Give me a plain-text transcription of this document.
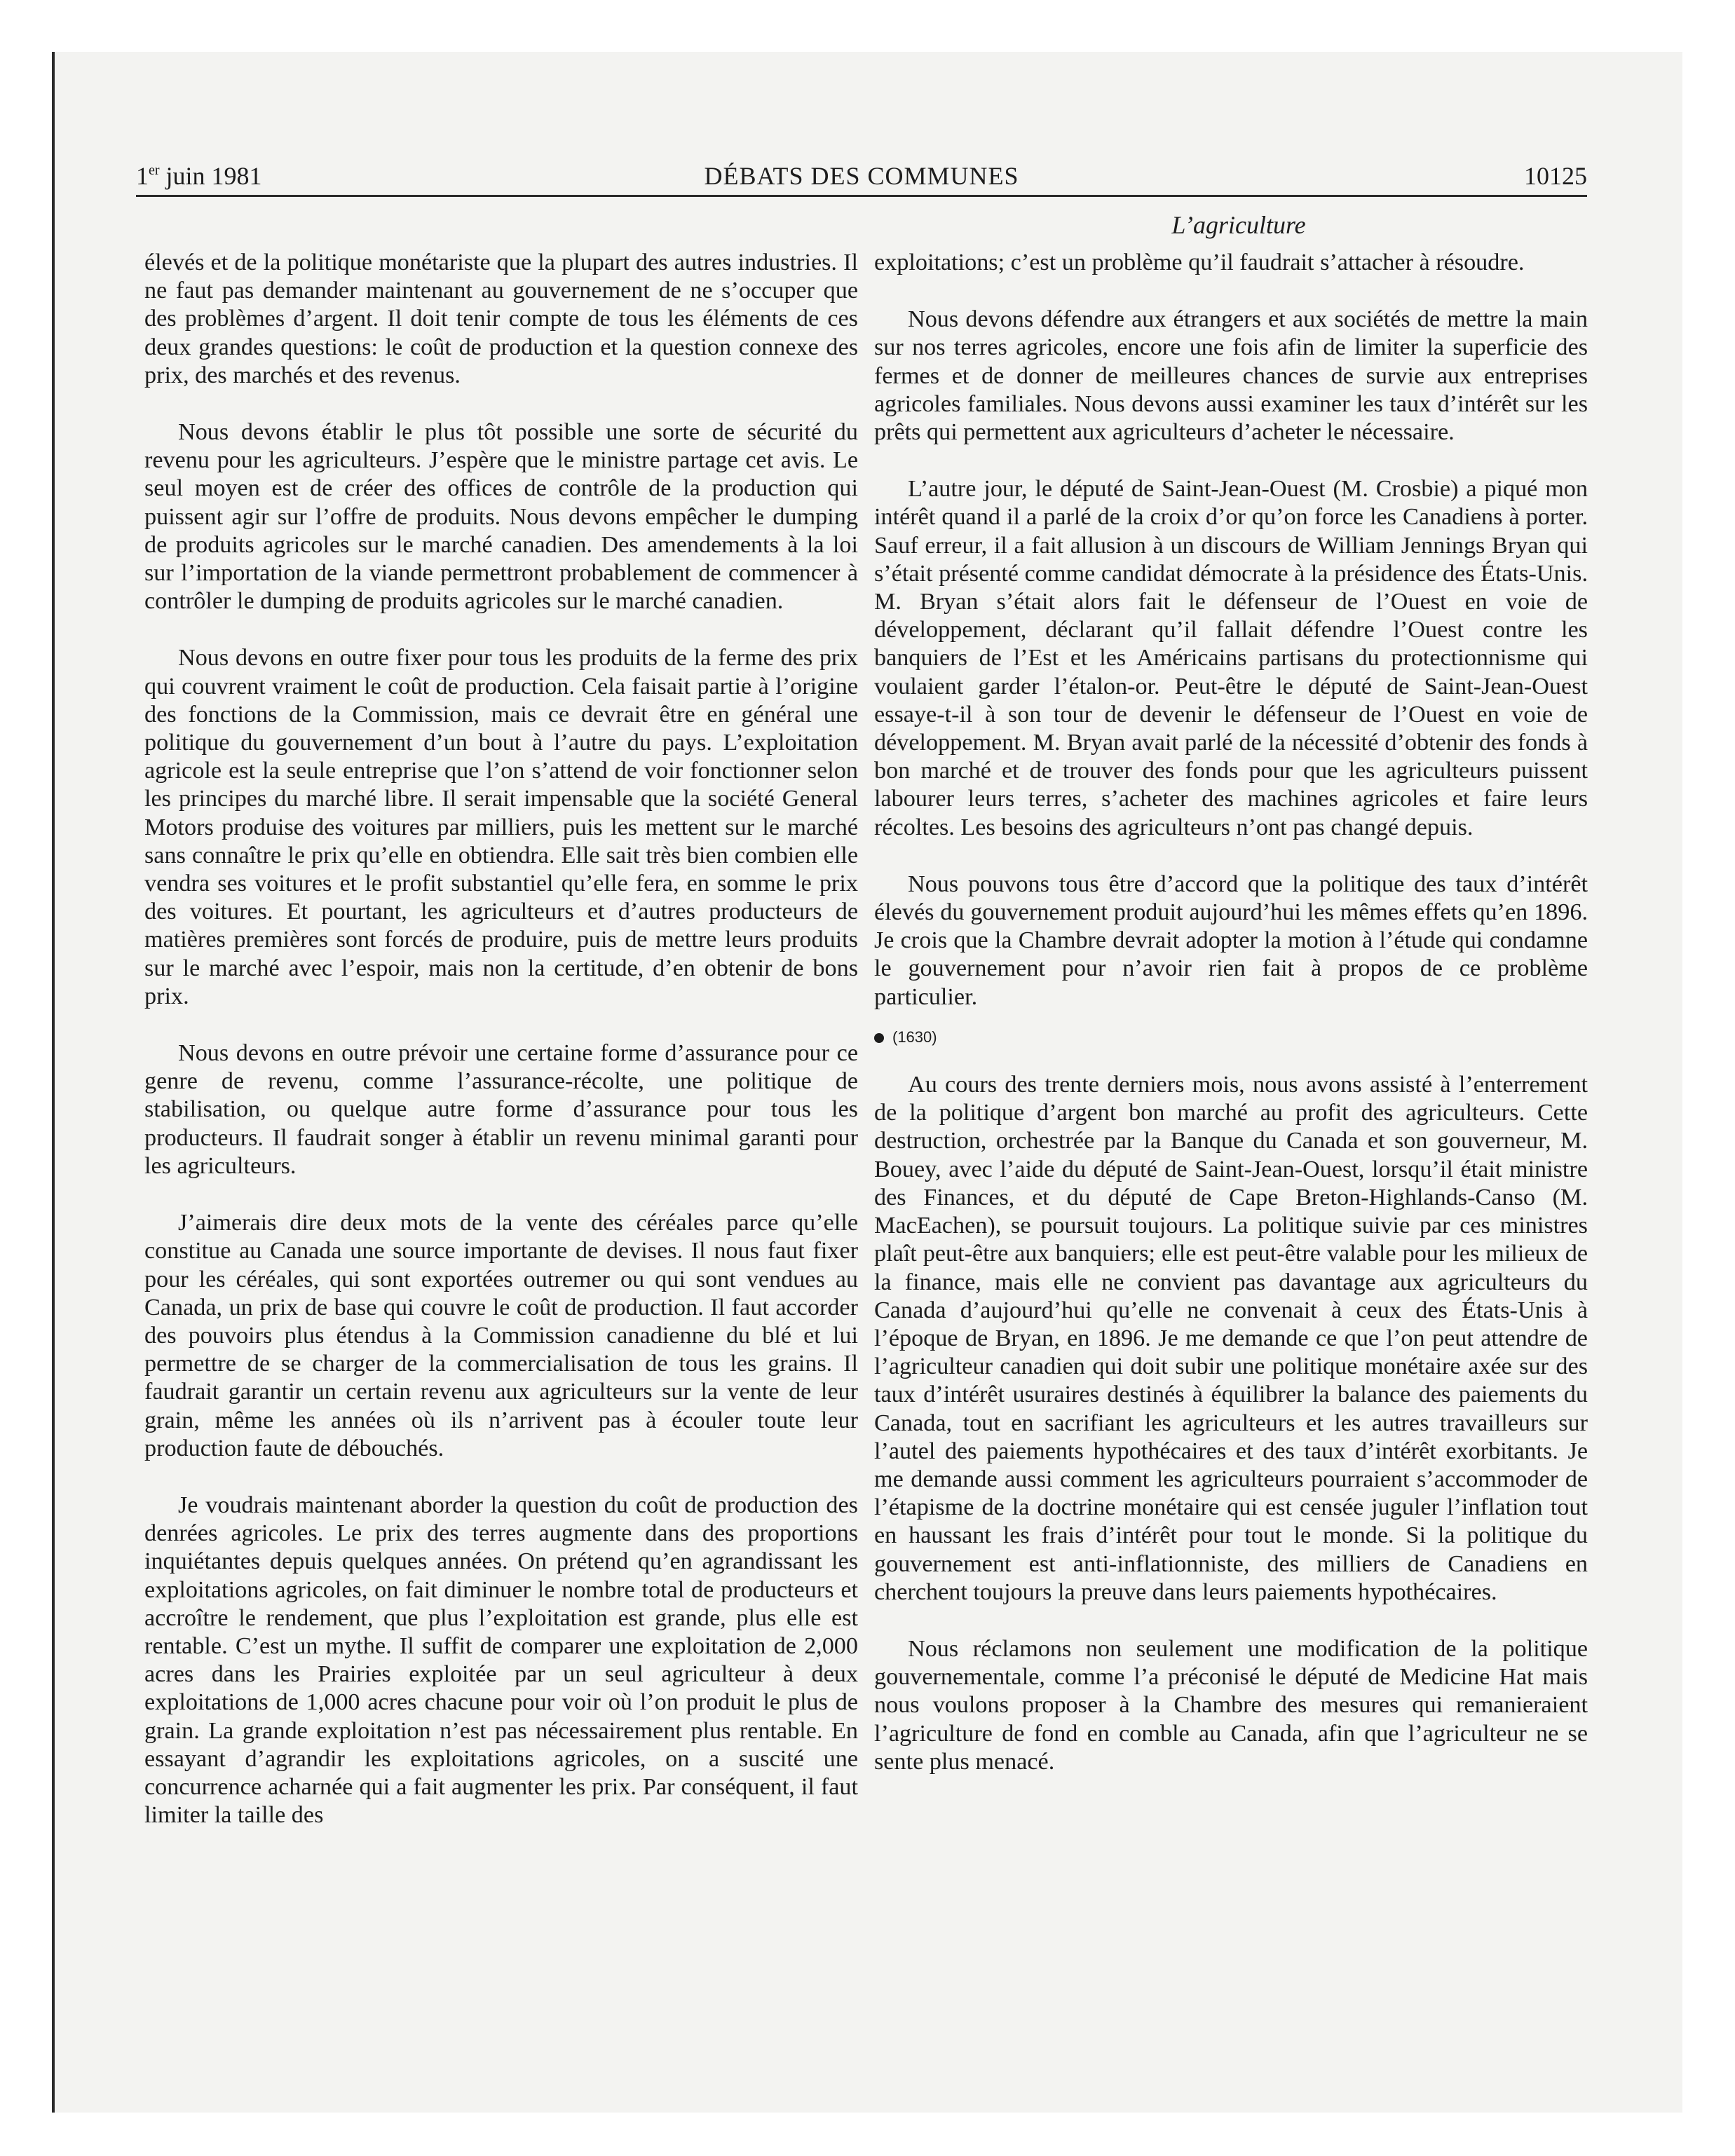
1er juin 1981	DÉBATS DES COMMUNES	10125
L’agriculture

élevés et de la politique monétariste que la plupart des autres industries. Il ne faut pas demander maintenant au gouvernement de ne s’occuper que des problèmes d’argent. Il doit tenir compte de tous les éléments de ces deux grandes questions: le coût de production et la question connexe des prix, des marchés et des revenus.

Nous devons établir le plus tôt possible une sorte de sécurité du revenu pour les agriculteurs. J’espère que le ministre partage cet avis. Le seul moyen est de créer des offices de contrôle de la production qui puissent agir sur l’offre de produits. Nous devons empêcher le dumping de produits agricoles sur le marché canadien. Des amendements à la loi sur l’importation de la viande permettront probablement de commencer à contrôler le dumping de produits agricoles sur le marché canadien.

Nous devons en outre fixer pour tous les produits de la ferme des prix qui couvrent vraiment le coût de production. Cela faisait partie à l’origine des fonctions de la Commission, mais ce devrait être en général une politique du gouvernement d’un bout à l’autre du pays. L’exploitation agricole est la seule entreprise que l’on s’attend de voir fonctionner selon les principes du marché libre. Il serait impensable que la société General Motors produise des voitures par milliers, puis les mettent sur le marché sans connaître le prix qu’elle en obtiendra. Elle sait très bien combien elle vendra ses voitures et le profit substantiel qu’elle fera, en somme le prix des voitures. Et pourtant, les agriculteurs et d’autres producteurs de matières premières sont forcés de produire, puis de mettre leurs produits sur le marché avec l’espoir, mais non la certitude, d’en obtenir de bons prix.

Nous devons en outre prévoir une certaine forme d’assurance pour ce genre de revenu, comme l’assurance-récolte, une politique de stabilisation, ou quelque autre forme d’assurance pour tous les producteurs. Il faudrait songer à établir un revenu minimal garanti pour les agriculteurs.

J’aimerais dire deux mots de la vente des céréales parce qu’elle constitue au Canada une source importante de devises. Il nous faut fixer pour les céréales, qui sont exportées outremer ou qui sont vendues au Canada, un prix de base qui couvre le coût de production. Il faut accorder des pouvoirs plus étendus à la Commission canadienne du blé et lui permettre de se charger de la commercialisation de tous les grains. Il faudrait garantir un certain revenu aux agriculteurs sur la vente de leur grain, même les années où ils n’arrivent pas à écouler toute leur production faute de débouchés.

Je voudrais maintenant aborder la question du coût de production des denrées agricoles. Le prix des terres augmente dans des proportions inquiétantes depuis quelques années. On prétend qu’en agrandissant les exploitations agricoles, on fait diminuer le nombre total de producteurs et accroître le rendement, que plus l’exploitation est grande, plus elle est rentable. C’est un mythe. Il suffit de comparer une exploitation de 2,000 acres dans les Prairies exploitée par un seul agriculteur à deux exploitations de 1,000 acres chacune pour voir où l’on produit le plus de grain. La grande exploitation n’est pas nécessairement plus rentable. En essayant d’agrandir les exploitations agricoles, on a suscité une concurrence acharnée qui a fait augmenter les prix. Par conséquent, il faut limiter la taille des

exploitations; c’est un problème qu’il faudrait s’attacher à résoudre.

Nous devons défendre aux étrangers et aux sociétés de mettre la main sur nos terres agricoles, encore une fois afin de limiter la superficie des fermes et de donner de meilleures chances de survie aux entreprises agricoles familiales. Nous devons aussi examiner les taux d’intérêt sur les prêts qui permettent aux agriculteurs d’acheter le nécessaire.

L’autre jour, le député de Saint-Jean-Ouest (M. Crosbie) a piqué mon intérêt quand il a parlé de la croix d’or qu’on force les Canadiens à porter. Sauf erreur, il a fait allusion à un discours de William Jennings Bryan qui s’était présenté comme candidat démocrate à la présidence des États-Unis. M. Bryan s’était alors fait le défenseur de l’Ouest en voie de développement, déclarant qu’il fallait défendre l’Ouest contre les banquiers de l’Est et les Américains partisans du protectionnisme qui voulaient garder l’étalon-or. Peut-être le député de Saint-Jean-Ouest essaye-t-il à son tour de devenir le défenseur de l’Ouest en voie de développement. M. Bryan avait parlé de la nécessité d’obtenir des fonds à bon marché et de trouver des fonds pour que les agriculteurs puissent labourer leurs terres, s’acheter des machines agricoles et faire leurs récoltes. Les besoins des agriculteurs n’ont pas changé depuis.

Nous pouvons tous être d’accord que la politique des taux d’intérêt élevés du gouvernement produit aujourd’hui les mêmes effets qu’en 1896. Je crois que la Chambre devrait adopter la motion à l’étude qui condamne le gouvernement pour n’avoir rien fait à propos de ce problème particulier.

(1630)

Au cours des trente derniers mois, nous avons assisté à l’enterrement de la politique d’argent bon marché au profit des agriculteurs. Cette destruction, orchestrée par la Banque du Canada et son gouverneur, M. Bouey, avec l’aide du député de Saint-Jean-Ouest, lorsqu’il était ministre des Finances, et du député de Cape Breton-Highlands-Canso (M. MacEachen), se poursuit toujours. La politique suivie par ces ministres plaît peut-être aux banquiers; elle est peut-être valable pour les milieux de la finance, mais elle ne convient pas davantage aux agriculteurs du Canada d’aujourd’hui qu’elle ne convenait à ceux des États-Unis à l’époque de Bryan, en 1896. Je me demande ce que l’on peut attendre de l’agriculteur canadien qui doit subir une politique monétaire axée sur des taux d’intérêt usuraires destinés à équilibrer la balance des paiements du Canada, tout en sacrifiant les agriculteurs et les autres travailleurs sur l’autel des paiements hypothécaires et des taux d’intérêt exorbitants. Je me demande aussi comment les agriculteurs pourraient s’accommoder de l’étapisme de la doctrine monétaire qui est censée juguler l’inflation tout en haussant les frais d’intérêt pour tout le monde. Si la politique du gouvernement est anti-inflationniste, des milliers de Canadiens en cherchent toujours la preuve dans leurs paiements hypothécaires.

Nous réclamons non seulement une modification de la politique gouvernementale, comme l’a préconisé le député de Medicine Hat mais nous voulons proposer à la Chambre des mesures qui remanieraient l’agriculture de fond en comble au Canada, afin que l’agriculteur ne se sente plus menacé.
